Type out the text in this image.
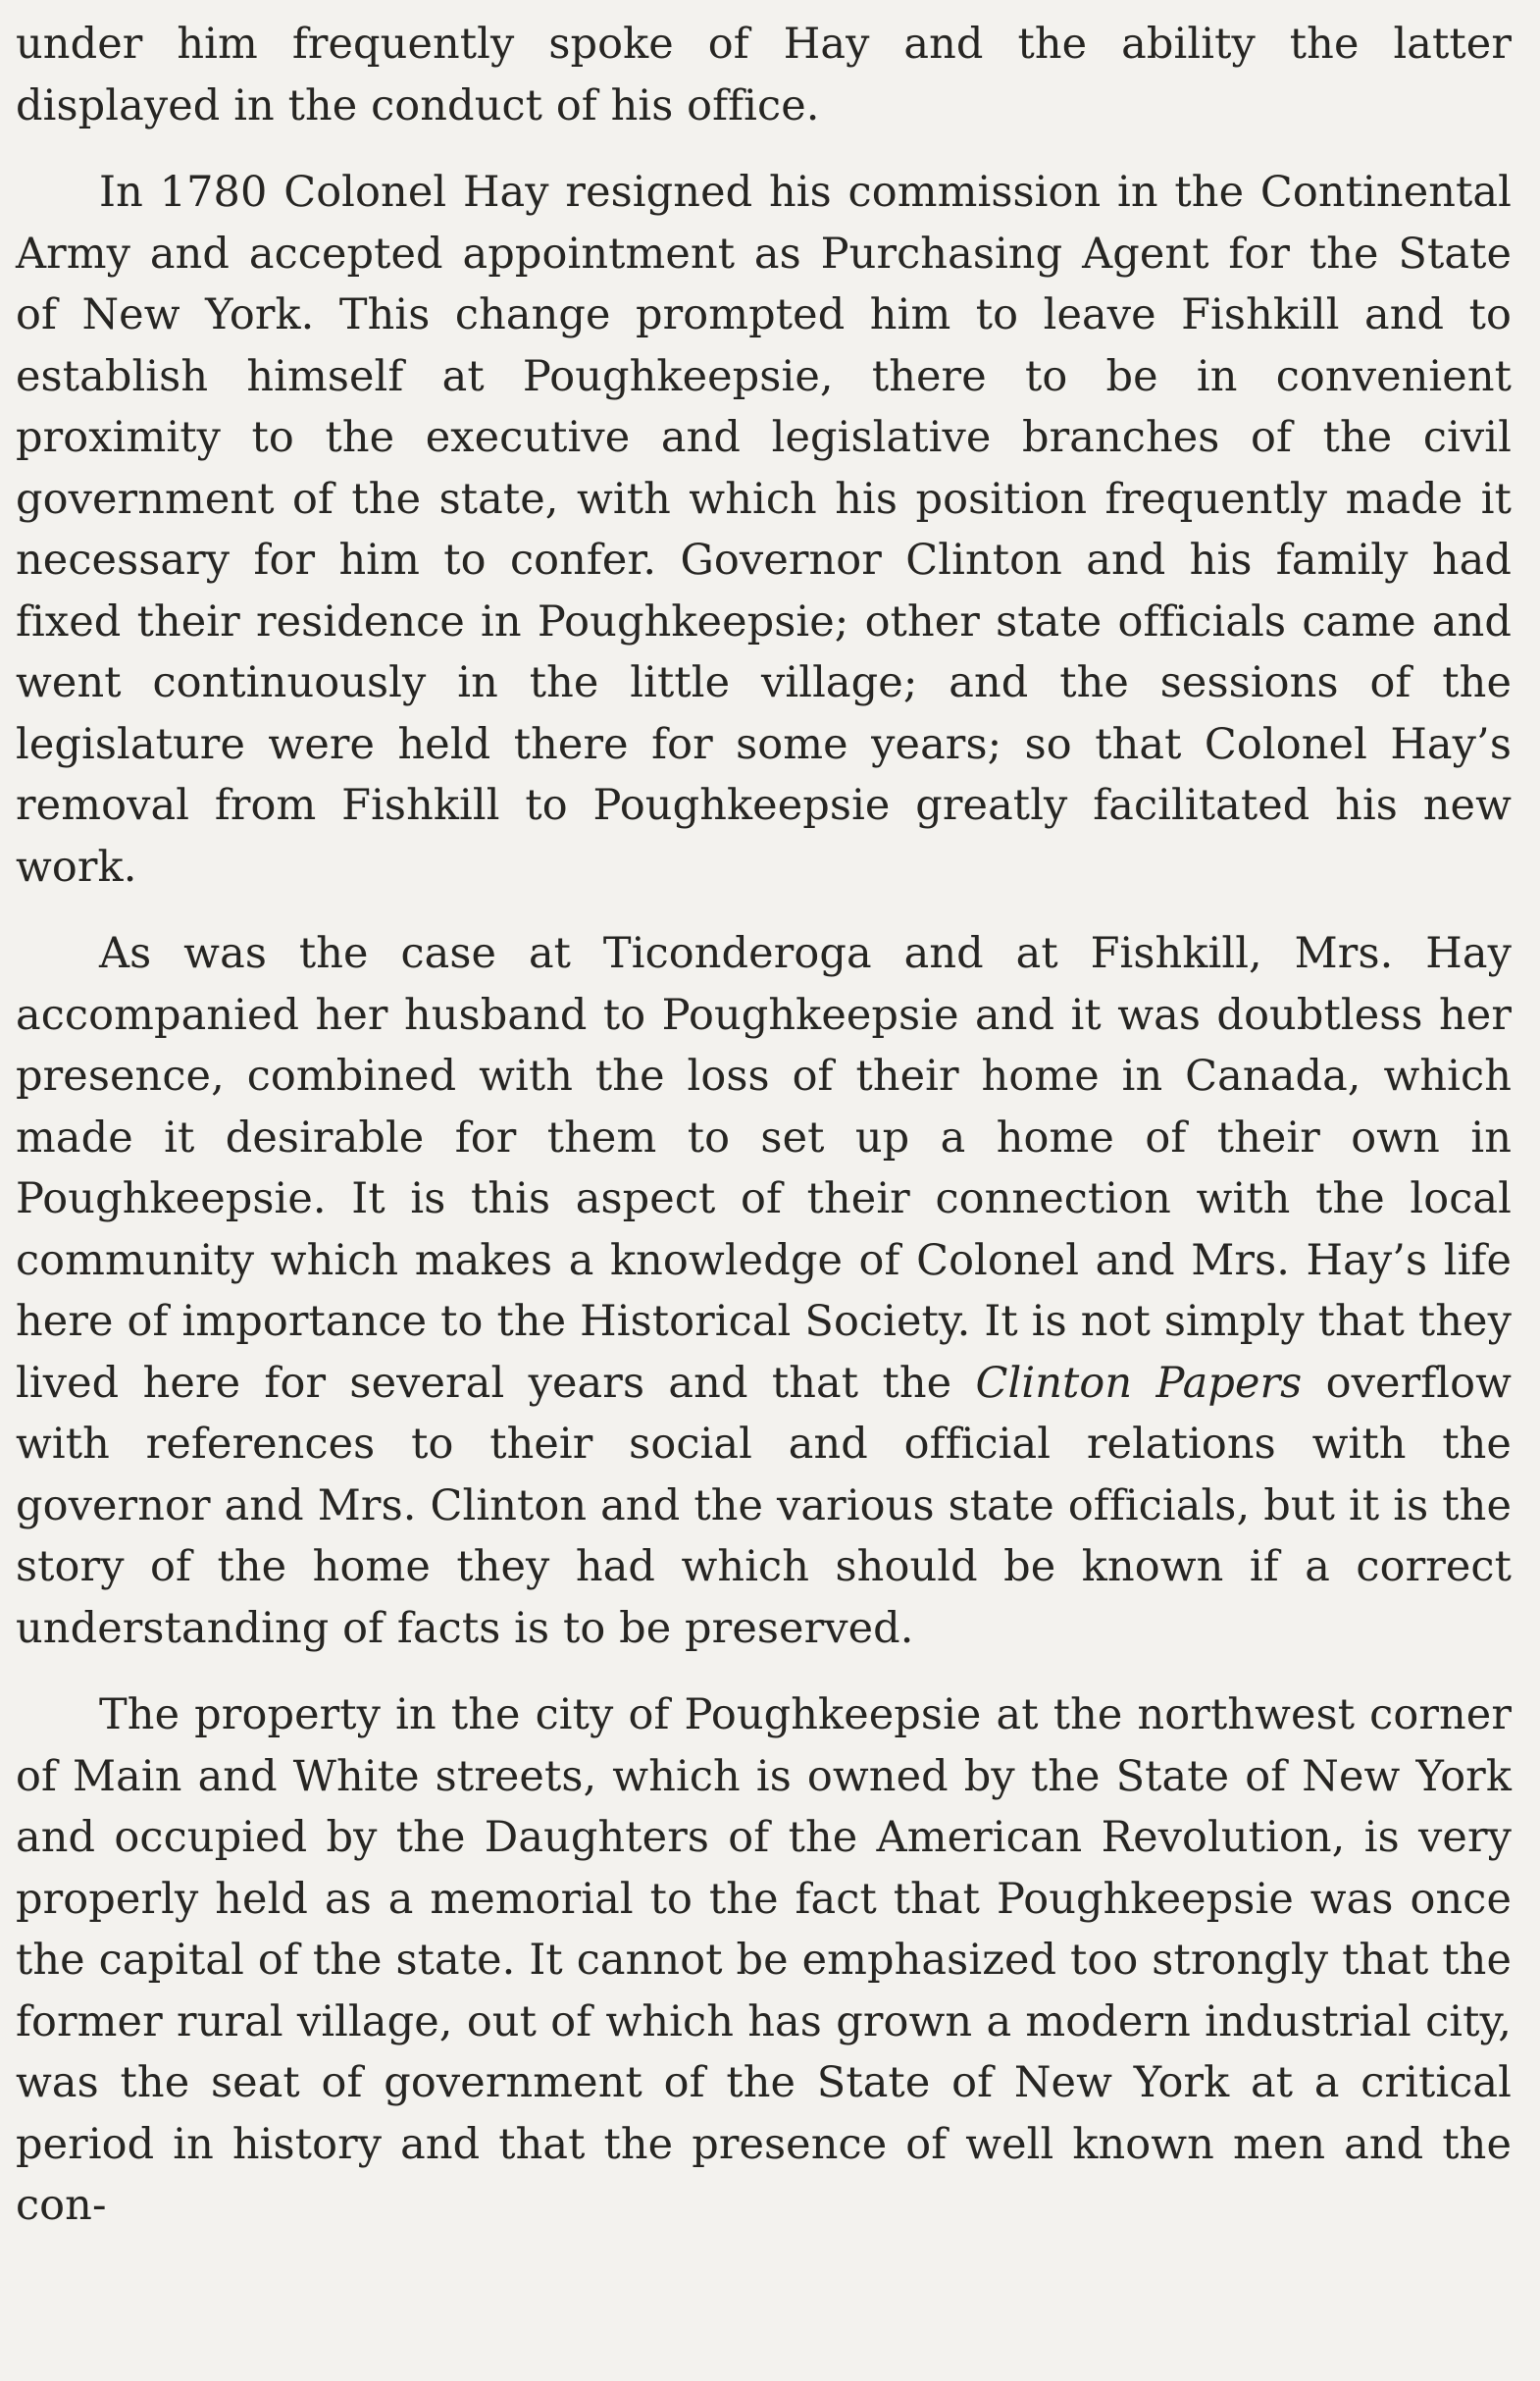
under him frequently spoke of Hay and the ability the latter displayed in the conduct of his office.

In 1780 Colonel Hay resigned his commission in the Continental Army and accepted appointment as Purchasing Agent for the State of New York. This change prompted him to leave Fishkill and to establish himself at Poughkeepsie, there to be in convenient proximity to the executive and legislative branches of the civil government of the state, with which his position frequently made it necessary for him to confer. Governor Clinton and his family had fixed their residence in Poughkeepsie; other state officials came and went continuously in the little village; and the sessions of the legislature were held there for some years; so that Colonel Hay’s removal from Fishkill to Poughkeepsie greatly facilitated his new work.

As was the case at Ticonderoga and at Fishkill, Mrs. Hay accompanied her husband to Poughkeepsie and it was doubtless her presence, combined with the loss of their home in Canada, which made it desirable for them to set up a home of their own in Poughkeepsie. It is this aspect of their connection with the local community which makes a knowledge of Colonel and Mrs. Hay’s life here of importance to the Historical Society. It is not simply that they lived here for several years and that the Clinton Papers overflow with references to their social and official relations with the governor and Mrs. Clinton and the various state officials, but it is the story of the home they had which should be known if a correct understanding of facts is to be preserved.

The property in the city of Poughkeepsie at the northwest corner of Main and White streets, which is owned by the State of New York and occupied by the Daughters of the American Revolution, is very properly held as a memorial to the fact that Poughkeepsie was once the capital of the state. It cannot be emphasized too strongly that the former rural village, out of which has grown a modern industrial city, was the seat of government of the State of New York at a critical period in history and that the presence of well known men and the con-
